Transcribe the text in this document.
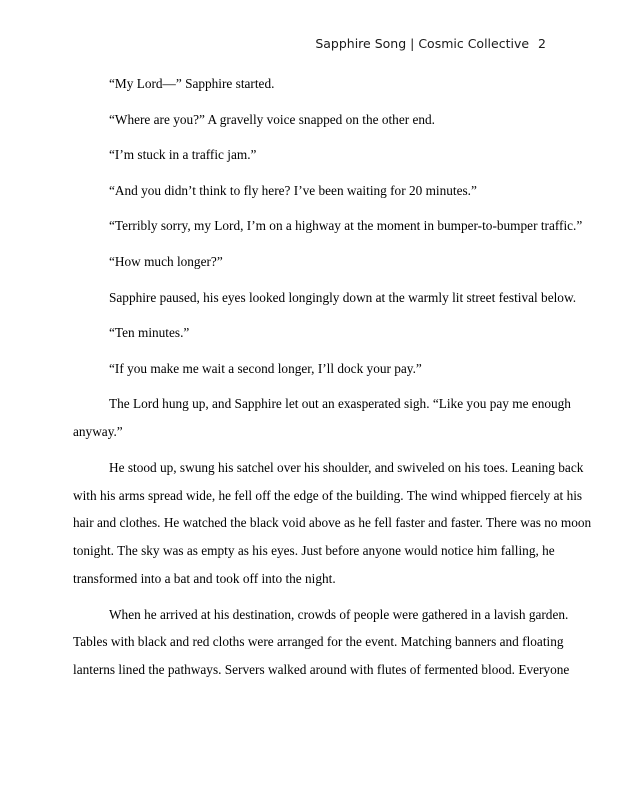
Sapphire Song | Cosmic Collective 2

“My Lord—” Sapphire started.

“Where are you?” A gravelly voice snapped on the other end.

“I’m stuck in a traffic jam.”

“And you didn’t think to fly here? I’ve been waiting for 20 minutes.”

“Terribly sorry, my Lord, I’m on a highway at the moment in bumper-to-bumper traffic.”

“How much longer?”

Sapphire paused, his eyes looked longingly down at the warmly lit street festival below.

“Ten minutes.”

“If you make me wait a second longer, I’ll dock your pay.”

The Lord hung up, and Sapphire let out an exasperated sigh. “Like you pay me enough
anyway.”

He stood up, swung his satchel over his shoulder, and swiveled on his toes. Leaning back
with his arms spread wide, he fell off the edge of the building. The wind whipped fiercely at his
hair and clothes. He watched the black void above as he fell faster and faster. There was no moon
tonight. The sky was as empty as his eyes. Just before anyone would notice him falling, he
transformed into a bat and took off into the night.

When he arrived at his destination, crowds of people were gathered in a lavish garden.
Tables with black and red cloths were arranged for the event. Matching banners and floating
lanterns lined the pathways. Servers walked around with flutes of fermented blood. Everyone
